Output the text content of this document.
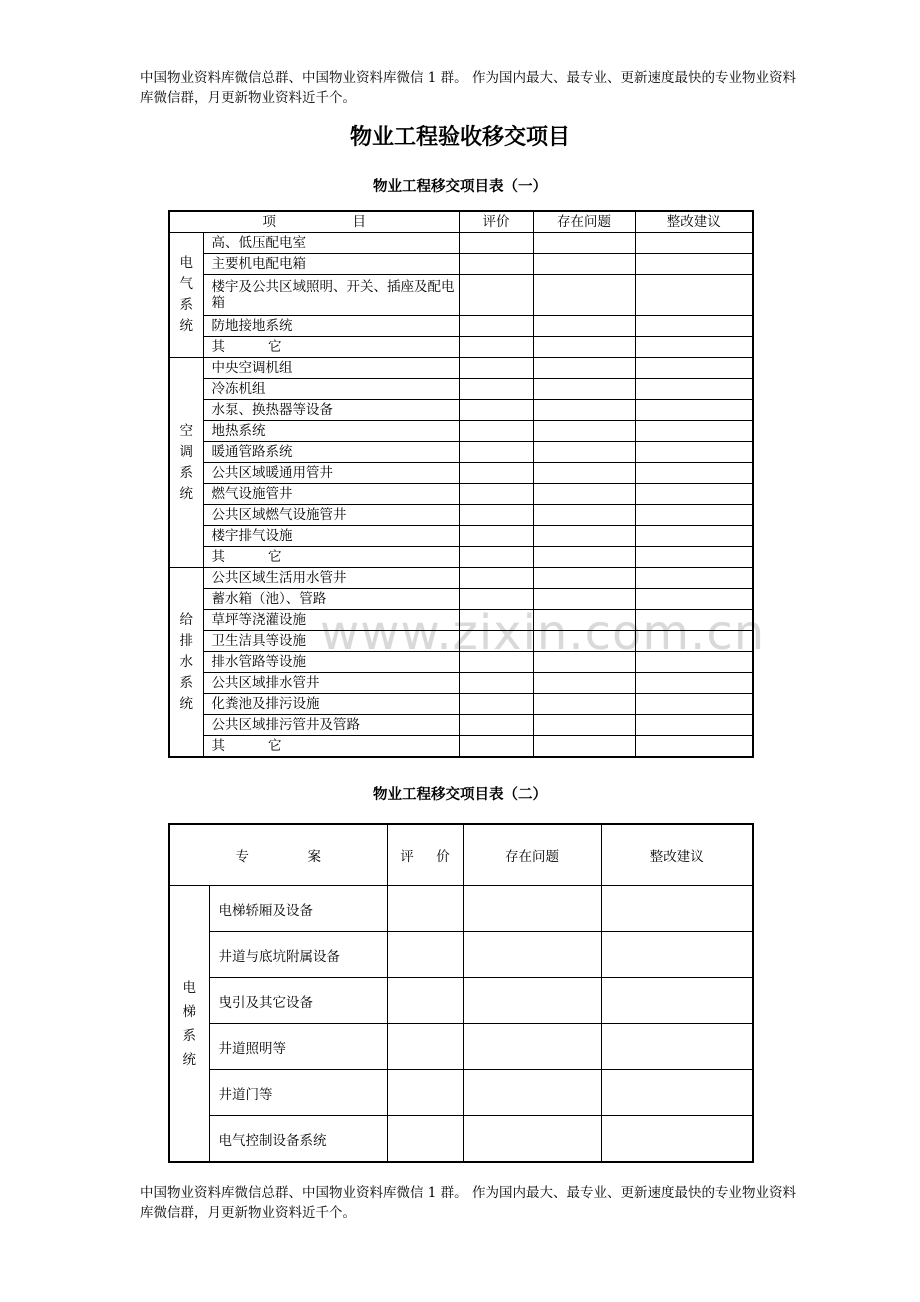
中国物业资料库微信总群、中国物业资料库微信 1 群。 作为国内最大、最专业、更新速度最快的专业物业资料库微信群，月更新物业资料近千个。
物业工程验收移交项目
物业工程移交项目表（一）
www.zixin.com.cn
项 目		评价	存在问题	整改建议
电
气
系
统	高、低压配电室			
	主要机电配电箱			
	楼宇及公共区域照明、开关、插座及配电箱			
	防地接地系统			

	其 它			

空
调
系
统	中央空调机组			
	冷冻机组			
	水泵、换热器等设备			
	地热系统			
	暖通管路系统			
	公共区域暖通用管井			
	燃气设施管井			
	公共区域燃气设施管井			
	楼宇排气设施			

	其 它			

给
排
水
系
统	公共区域生活用水管井			
	蓄水箱（池）、管路			
	草坪等浇灌设施			
	卫生洁具等设施			
	排水管路等设施			
	公共区域排水管井			
	化粪池及排污设施			
	公共区域排污管井及管路			

	其 它			

物业工程移交项目表（二）
专 案		评 价	存在问题	整改建议
电
梯
系
统	电梯轿厢及设备			
	井道与底坑附属设备			
	曳引及其它设备			
	井道照明等			
	井道门等			
	电气控制设备系统			
中国物业资料库微信总群、中国物业资料库微信 1 群。 作为国内最大、最专业、更新速度最快的专业物业资料库微信群，月更新物业资料近千个。
